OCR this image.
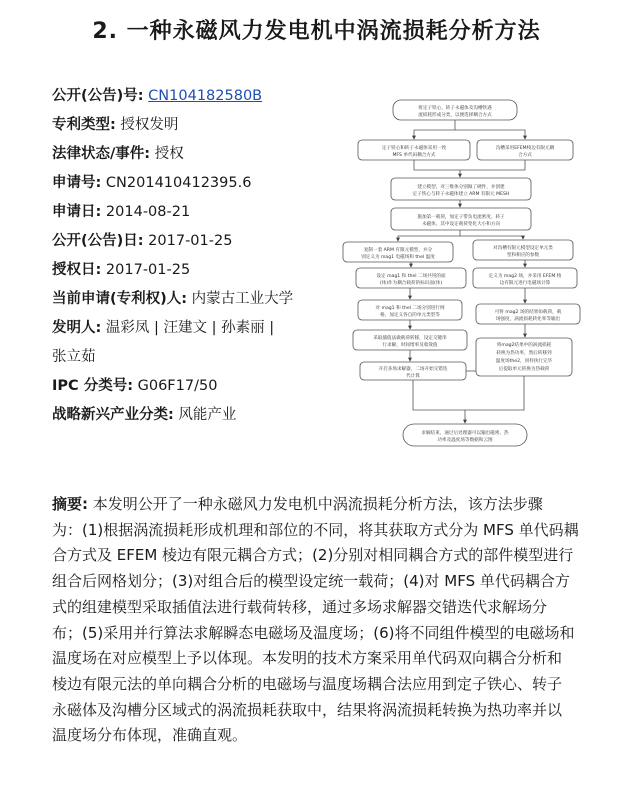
2. 一种永磁风力发电机中涡流损耗分析方法
公开(公告)号: CN104182580B
专利类型: 授权发明
法律状态/事件: 授权
申请号: CN201410412395.6
申请日: 2014-08-21
公开(公告)日: 2017-01-25
授权日: 2017-01-25
当前申请(专利权)人: 内蒙古工业大学
发明人: 温彩凤 | 汪建文 | 孙素丽 |
张立茹
IPC 分类号: G06F17/50
战略新兴产业分类: 风能产业
将定子铁心，转子永磁体及沟槽铁遇
流损耗形成分类，以便选择耦合方式
定子铁心和转子永磁体采用一致
MFS 单代码耦合方式
沟槽采用EFEM棱边有限元耦
合方式
建立模型，对三维体分别做了硬件，并创建
定子铁心与转子永磁体建立 ARM 有限元 MESH
施加第一载荷，加定子带负电流密度，转子
永磁体，其中设定载荷变化大小和方向
复制一着 ARM 有限元模型，并分
别定义为 mag1 电磁场和 thel 温度
对沟槽有限元模型设定单元类
型和相应的参数
设定 mag1 和 thel 二场共用的面
(体)作为耦合载荷的标识面(体)
定义为 mag2 场，并采用 EFEM 棱
边有限元进行电磁场计算
对 mag1 和 thel 二场分别进行网
格，加定义各自的单元类型等
可将 mag2 场的结果如载荷，载
场强度，涡流损耗转化率等输出
采取插值法做载荷转移，设定交键串
行求解，时间增率及收敛值	将mag2结果中的涡流损耗
转换为热功率，然后转移到
温度场the2，同样执行完毕
后提取单元转换为热载荷
开启多场求解器，二场开始交错迭
代计算
求解结束，通过后处理器可以输出磁密、热
功率及温度场等数据和云图
摘要: 本发明公开了一种永磁风力发电机中涡流损耗分析方法，该方法步骤
为：(1)根据涡流损耗形成机理和部位的不同，将其获取方式分为 MFS 单代码耦
合方式及 EFEM 棱边有限元耦合方式；(2)分别对相同耦合方式的部件模型进行
组合后网格划分；(3)对组合后的模型设定统一载荷；(4)对 MFS 单代码耦合方
式的组建模型采取插值法进行载荷转移，通过多场求解器交错迭代求解场分
布；(5)采用并行算法求解瞬态电磁场及温度场；(6)将不同组件模型的电磁场和
温度场在对应模型上予以体现。本发明的技术方案采用单代码双向耦合分析和
棱边有限元法的单向耦合分析的电磁场与温度场耦合法应用到定子铁心、转子
永磁体及沟槽分区域式的涡流损耗获取中，结果将涡流损耗转换为热功率并以
温度场分布体现，准确直观。
